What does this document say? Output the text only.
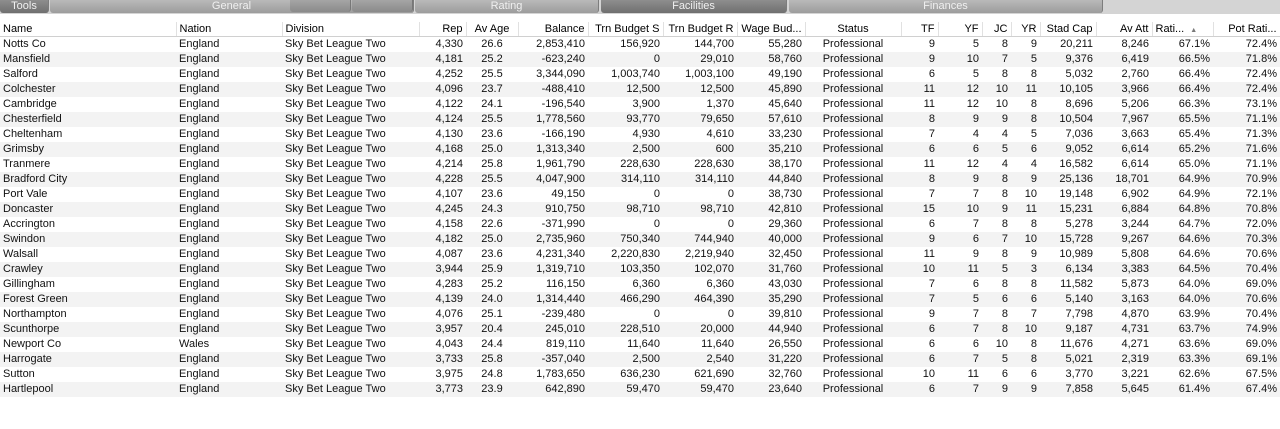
Tools	General	Rating	Facilities	Finances
Name	Nation	Division	Rep	Av Age	Balance	Trn Budget S	Trn Budget R	Wage Bud...	Status	TF	YF	JC	YR	Stad Cap	Av Att	Rati... ▲	Pot Rati...
Notts Co	England	Sky Bet League Two	4,330	26.6	2,853,410	156,920	144,700	55,280	Professional	9	5	8	9	20,211	8,246	67.1%	72.4%
Mansfield	England	Sky Bet League Two	4,181	25.2	-623,240	0	29,010	58,760	Professional	9	10	7	5	9,376	6,419	66.5%	71.8%
Salford	England	Sky Bet League Two	4,252	25.5	3,344,090	1,003,740	1,003,100	49,190	Professional	6	5	8	8	5,032	2,760	66.4%	72.4%
Colchester	England	Sky Bet League Two	4,096	23.7	-488,410	12,500	12,500	45,890	Professional	11	12	10	11	10,105	3,966	66.4%	72.4%
Cambridge	England	Sky Bet League Two	4,122	24.1	-196,540	3,900	1,370	45,640	Professional	11	12	10	8	8,696	5,206	66.3%	73.1%
Chesterfield	England	Sky Bet League Two	4,124	25.5	1,778,560	93,770	79,650	57,610	Professional	8	9	9	8	10,504	7,967	65.5%	71.1%
Cheltenham	England	Sky Bet League Two	4,130	23.6	-166,190	4,930	4,610	33,230	Professional	7	4	4	5	7,036	3,663	65.4%	71.3%
Grimsby	England	Sky Bet League Two	4,168	25.0	1,313,340	2,500	600	35,210	Professional	6	6	5	6	9,052	6,614	65.2%	71.6%
Tranmere	England	Sky Bet League Two	4,214	25.8	1,961,790	228,630	228,630	38,170	Professional	11	12	4	4	16,582	6,614	65.0%	71.1%
Bradford City	England	Sky Bet League Two	4,228	25.5	4,047,900	314,110	314,110	44,840	Professional	8	9	8	9	25,136	18,701	64.9%	70.9%
Port Vale	England	Sky Bet League Two	4,107	23.6	49,150	0	0	38,730	Professional	7	7	8	10	19,148	6,902	64.9%	72.1%
Doncaster	England	Sky Bet League Two	4,245	24.3	910,750	98,710	98,710	42,810	Professional	15	10	9	11	15,231	6,884	64.8%	70.8%
Accrington	England	Sky Bet League Two	4,158	22.6	-371,990	0	0	29,360	Professional	6	7	8	8	5,278	3,244	64.7%	72.0%
Swindon	England	Sky Bet League Two	4,182	25.0	2,735,960	750,340	744,940	40,000	Professional	9	6	7	10	15,728	9,267	64.6%	70.3%
Walsall	England	Sky Bet League Two	4,087	23.6	4,231,340	2,220,830	2,219,940	32,450	Professional	11	9	8	9	10,989	5,808	64.6%	70.6%
Crawley	England	Sky Bet League Two	3,944	25.9	1,319,710	103,350	102,070	31,760	Professional	10	11	5	3	6,134	3,383	64.5%	70.4%
Gillingham	England	Sky Bet League Two	4,283	25.2	116,150	6,360	6,360	43,030	Professional	7	6	8	8	11,582	5,873	64.0%	69.0%
Forest Green	England	Sky Bet League Two	4,139	24.0	1,314,440	466,290	464,390	35,290	Professional	7	5	6	6	5,140	3,163	64.0%	70.6%
Northampton	England	Sky Bet League Two	4,076	25.1	-239,480	0	0	39,810	Professional	9	7	8	7	7,798	4,870	63.9%	70.4%
Scunthorpe	England	Sky Bet League Two	3,957	20.4	245,010	228,510	20,000	44,940	Professional	6	7	8	10	9,187	4,731	63.7%	74.9%
Newport Co	Wales	Sky Bet League Two	4,043	24.4	819,110	11,640	11,640	26,550	Professional	6	6	10	8	11,676	4,271	63.6%	69.0%
Harrogate	England	Sky Bet League Two	3,733	25.8	-357,040	2,500	2,540	31,220	Professional	6	7	5	8	5,021	2,319	63.3%	69.1%
Sutton	England	Sky Bet League Two	3,975	24.8	1,783,650	636,230	621,690	32,760	Professional	10	11	6	6	3,770	3,221	62.6%	67.5%
Hartlepool	England	Sky Bet League Two	3,773	23.9	642,890	59,470	59,470	23,640	Professional	6	7	9	9	7,858	5,645	61.4%	67.4%
